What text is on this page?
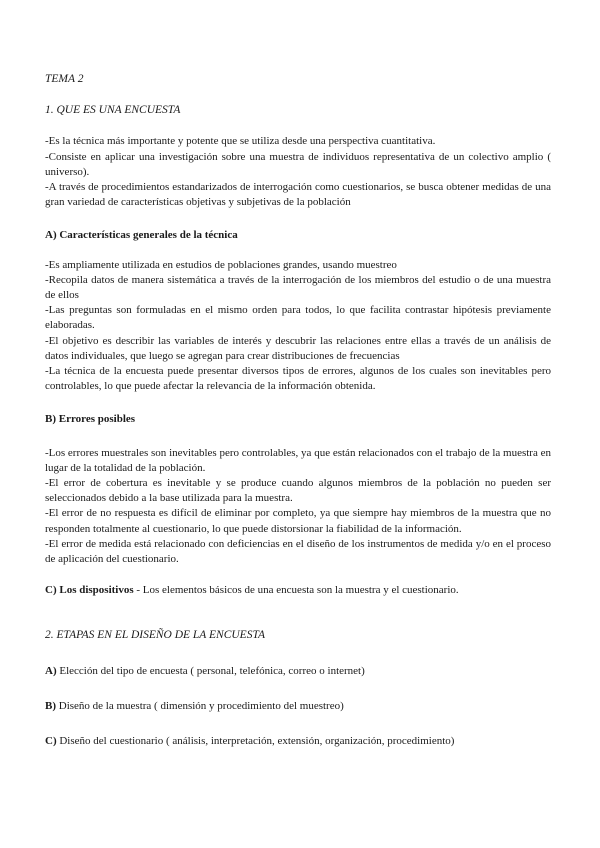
TEMA 2

1. QUE ES UNA ENCUESTA

-Es la técnica más importante y potente que se utiliza desde una perspectiva cuantitativa.

-Consiste en aplicar una investigación sobre una muestra de individuos representativa de un colectivo amplio ( universo).

-A través de procedimientos estandarizados de interrogación como cuestionarios, se busca obtener medidas de una gran variedad de características objetivas y subjetivas de la población

A) Características generales de la técnica

-Es ampliamente utilizada en estudios de poblaciones grandes, usando muestreo

-Recopila datos de manera sistemática a través de la interrogación de los miembros del estudio o de una muestra de ellos

-Las preguntas son formuladas en el mismo orden para todos, lo que facilita contrastar hipótesis previamente elaboradas.

-El objetivo es describir las variables de interés y descubrir las relaciones entre ellas a través de un análisis de datos individuales, que luego se agregan para crear distribuciones de frecuencias

-La técnica de la encuesta puede presentar diversos tipos de errores, algunos de los cuales son inevitables pero controlables, lo que puede afectar la relevancia de la información obtenida.

B) Errores posibles

-Los errores muestrales son inevitables pero controlables, ya que están relacionados con el trabajo de la muestra en lugar de la totalidad de la población.

-El error de cobertura es inevitable y se produce cuando algunos miembros de la población no pueden ser seleccionados debido a la base utilizada para la muestra.

-El error de no respuesta es difícil de eliminar por completo, ya que siempre hay miembros de la muestra que no responden totalmente al cuestionario, lo que puede distorsionar la fiabilidad de la información.

-El error de medida está relacionado con deficiencias en el diseño de los instrumentos de medida y/o en el proceso de aplicación del cuestionario.

C) Los dispositivos - Los elementos básicos de una encuesta son la muestra y el cuestionario.

2. ETAPAS EN EL DISEÑO DE LA ENCUESTA

A) Elección del tipo de encuesta ( personal, telefónica, correo o internet)

B) Diseño de la muestra ( dimensión y procedimiento del muestreo)

C) Diseño del cuestionario ( análisis, interpretación, extensión, organización, procedimiento)
